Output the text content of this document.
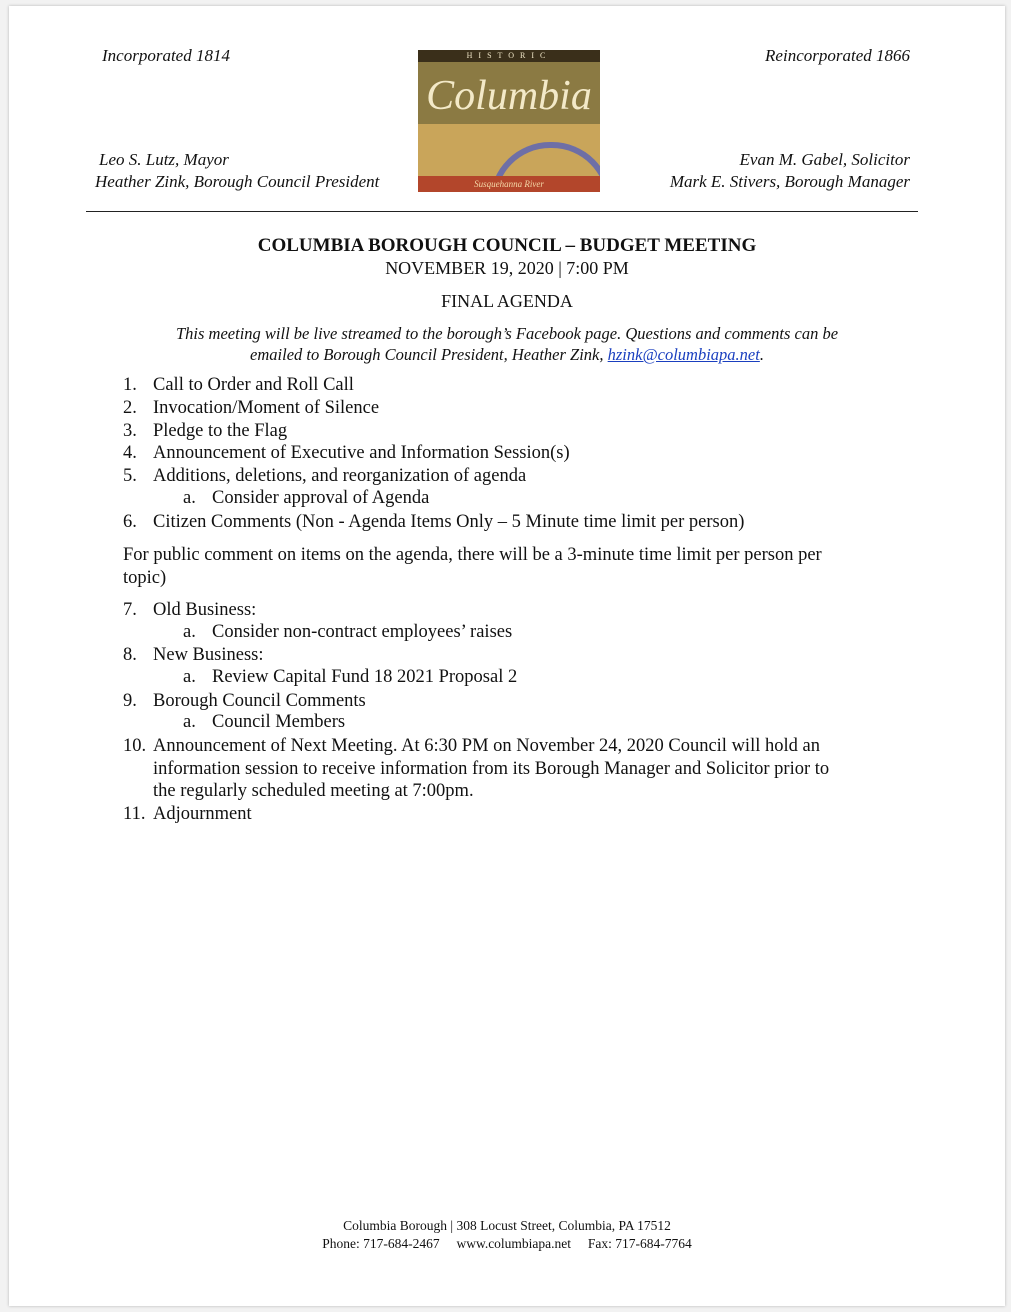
Incorporated 1814	Reincorporated 1866
Leo S. Lutz, Mayor
Heather Zink, Borough Council President
Evan M. Gabel, Solicitor
Mark E. Stivers, Borough Manager
HISTORIC
Columbia
Susquehanna River
COLUMBIA BOROUGH COUNCIL – BUDGET MEETING
NOVEMBER 19, 2020 | 7:00 PM
FINAL AGENDA
This meeting will be live streamed to the borough’s Facebook page. Questions and comments can be
emailed to Borough Council President, Heather Zink, hzink@columbiapa.net.
1. Call to Order and Roll Call
2. Invocation/Moment of Silence
3. Pledge to the Flag
4. Announcement of Executive and Information Session(s)
5. Additions, deletions, and reorganization of agenda
a. Consider approval of Agenda
6. Citizen Comments (Non - Agenda Items Only – 5 Minute time limit per person)
For public comment on items on the agenda, there will be a 3-minute time limit per person per
topic)
7. Old Business:
a. Consider non-contract employees’ raises
8. New Business:
a. Review Capital Fund 18 2021 Proposal 2
9. Borough Council Comments
a. Council Members
10. Announcement of Next Meeting. At 6:30 PM on November 24, 2020 Council will hold an
information session to receive information from its Borough Manager and Solicitor prior to
the regularly scheduled meeting at 7:00pm.
11. Adjournment
Columbia Borough | 308 Locust Street, Columbia, PA 17512
Phone: 717-684-2467     www.columbiapa.net     Fax: 717-684-7764
